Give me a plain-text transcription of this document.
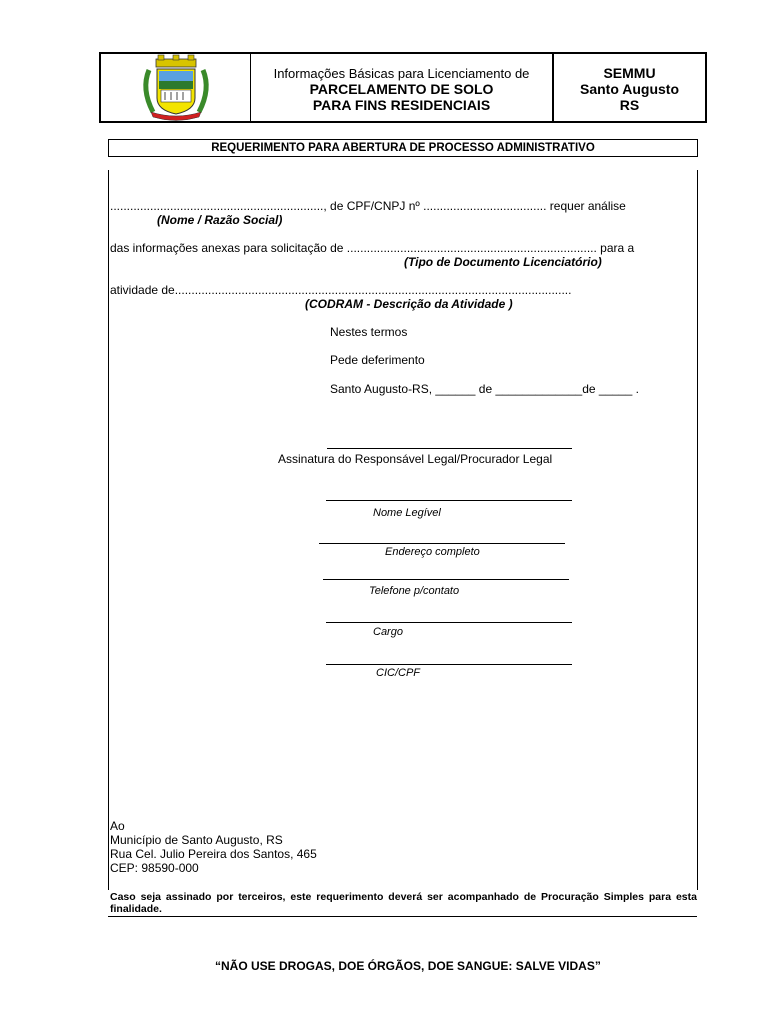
Informações Básicas para Licenciamento de
PARCELAMENTO DE SOLO
PARA FINS RESIDENCIAIS
SEMMU
Santo Augusto
RS
REQUERIMENTO PARA ABERTURA DE PROCESSO ADMINISTRATIVO
................................................................, de CPF/CNPJ nº ..................................... requer análise
(Nome / Razão Social)
das informações anexas para solicitação de ........................................................................... para a
(Tipo de Documento Licenciatório)
atividade de.......................................................................................................................
(CODRAM - Descrição da Atividade )
Nestes termos
Pede deferimento
Santo Augusto-RS, ______ de _____________de _____ .
Assinatura do Responsável Legal/Procurador Legal
Nome Legível
Endereço completo
Telefone p/contato
Cargo
CIC/CPF
Ao
Município de Santo Augusto, RS
Rua Cel. Julio Pereira dos Santos, 465
CEP: 98590-000
Caso seja assinado por terceiros, este requerimento deverá ser acompanhado de Procuração Simples para esta finalidade.
“NÃO USE DROGAS, DOE ÓRGÃOS, DOE SANGUE: SALVE VIDAS”
